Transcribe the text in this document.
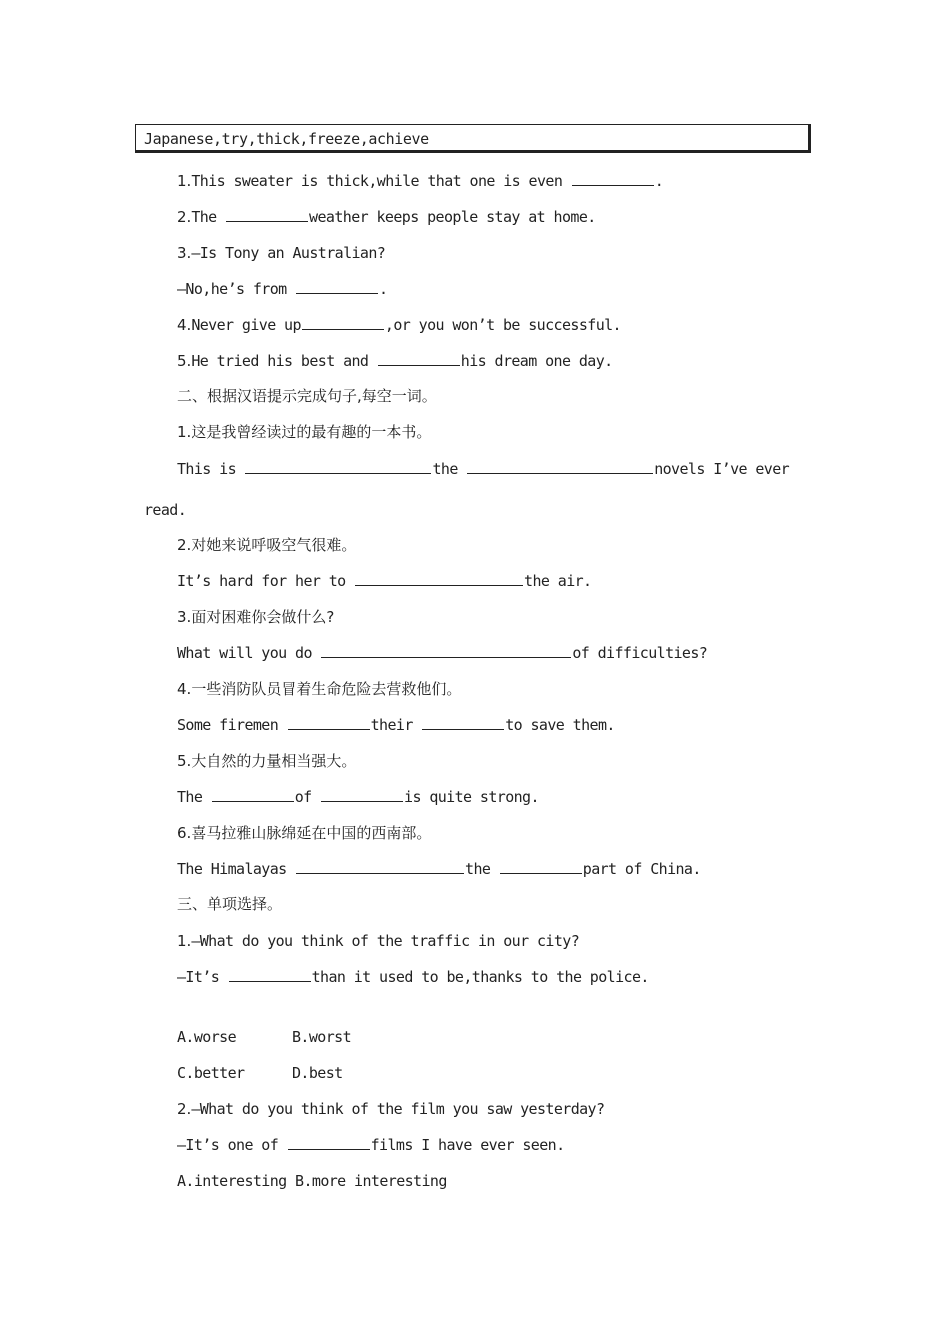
Japanese,try,thick,freeze,achieve
1.This sweater is thick,while that one is even	.
2.The	weather keeps people stay at home.
3.—Is Tony an Australian?
—No,he’s from	.
4.Never give up	,or you won’t be successful.
5.He tried his best and	his dream one day.
二、根据汉语提示完成句子,每空一词。
1.这是我曾经读过的最有趣的一本书。
This is	the	novels I’ve ever
read.
2.对她来说呼吸空气很难。
It’s hard for her to	the air.
3.面对困难你会做什么?
What will you do	of difficulties?
4.一些消防队员冒着生命危险去营救他们。
Some firemen	their	to save them.
5.大自然的力量相当强大。
The	of	is quite strong.
6.喜马拉雅山脉绵延在中国的西南部。
The Himalayas	the	part of China.
三、单项选择。
1.—What do you think of the traffic in our city?
—It’s	than it used to be,thanks to the police.
A.worse	B.worst
C.better	D.best
2.—What do you think of the film you saw yesterday?
—It’s one of	films I have ever seen.
A.interesting B.more interesting
